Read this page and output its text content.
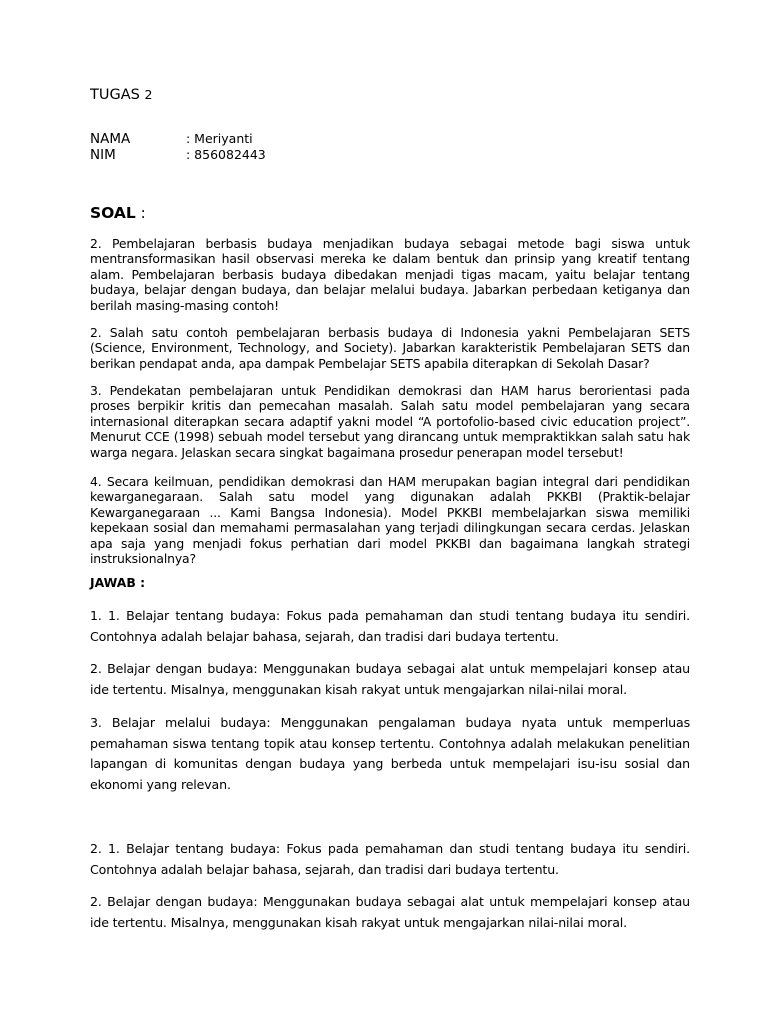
TUGAS 2
NAMA	: Meriyanti
NIM	: 856082443
SOAL :

2. Pembelajaran berbasis budaya menjadikan budaya sebagai metode bagi siswa untuk mentransformasikan hasil observasi mereka ke dalam bentuk dan prinsip yang kreatif tentang alam. Pembelajaran berbasis budaya dibedakan menjadi tigas macam, yaitu belajar tentang budaya, belajar dengan budaya, dan belajar melalui budaya. Jabarkan perbedaan ketiganya dan berilah masing-masing contoh!

2. Salah satu contoh pembelajaran berbasis budaya di Indonesia yakni Pembelajaran SETS (Science, Environment, Technology, and Society). Jabarkan karakteristik Pembelajaran SETS dan berikan pendapat anda, apa dampak Pembelajar SETS apabila diterapkan di Sekolah Dasar?

3. Pendekatan pembelajaran untuk Pendidikan demokrasi dan HAM harus berorientasi pada proses berpikir kritis dan pemecahan masalah. Salah satu model pembelajaran yang secara internasional diterapkan secara adaptif yakni model “A portofolio-based civic education project”. Menurut CCE (1998) sebuah model tersebut yang dirancang untuk mempraktikkan salah satu hak warga negara. Jelaskan secara singkat bagaimana prosedur penerapan model tersebut!

4. Secara keilmuan, pendidikan demokrasi dan HAM merupakan bagian integral dari pendidikan kewarganegaraan. Salah satu model yang digunakan adalah PKKBI (Praktik-belajar Kewarganegaraan ... Kami Bangsa Indonesia). Model PKKBI membelajarkan siswa memiliki kepekaan sosial dan memahami permasalahan yang terjadi dilingkungan secara cerdas. Jelaskan apa saja yang menjadi fokus perhatian dari model PKKBI dan bagaimana langkah strategi instruksionalnya?

JAWAB :

1. 1. Belajar tentang budaya: Fokus pada pemahaman dan studi tentang budaya itu sendiri. Contohnya adalah belajar bahasa, sejarah, dan tradisi dari budaya tertentu.

2. Belajar dengan budaya: Menggunakan budaya sebagai alat untuk mempelajari konsep atau ide tertentu. Misalnya, menggunakan kisah rakyat untuk mengajarkan nilai-nilai moral.

3. Belajar melalui budaya: Menggunakan pengalaman budaya nyata untuk memperluas pemahaman siswa tentang topik atau konsep tertentu. Contohnya adalah melakukan penelitian lapangan di komunitas dengan budaya yang berbeda untuk mempelajari isu-isu sosial dan ekonomi yang relevan.

2. 1. Belajar tentang budaya: Fokus pada pemahaman dan studi tentang budaya itu sendiri. Contohnya adalah belajar bahasa, sejarah, dan tradisi dari budaya tertentu.

2. Belajar dengan budaya: Menggunakan budaya sebagai alat untuk mempelajari konsep atau ide tertentu. Misalnya, menggunakan kisah rakyat untuk mengajarkan nilai-nilai moral.
